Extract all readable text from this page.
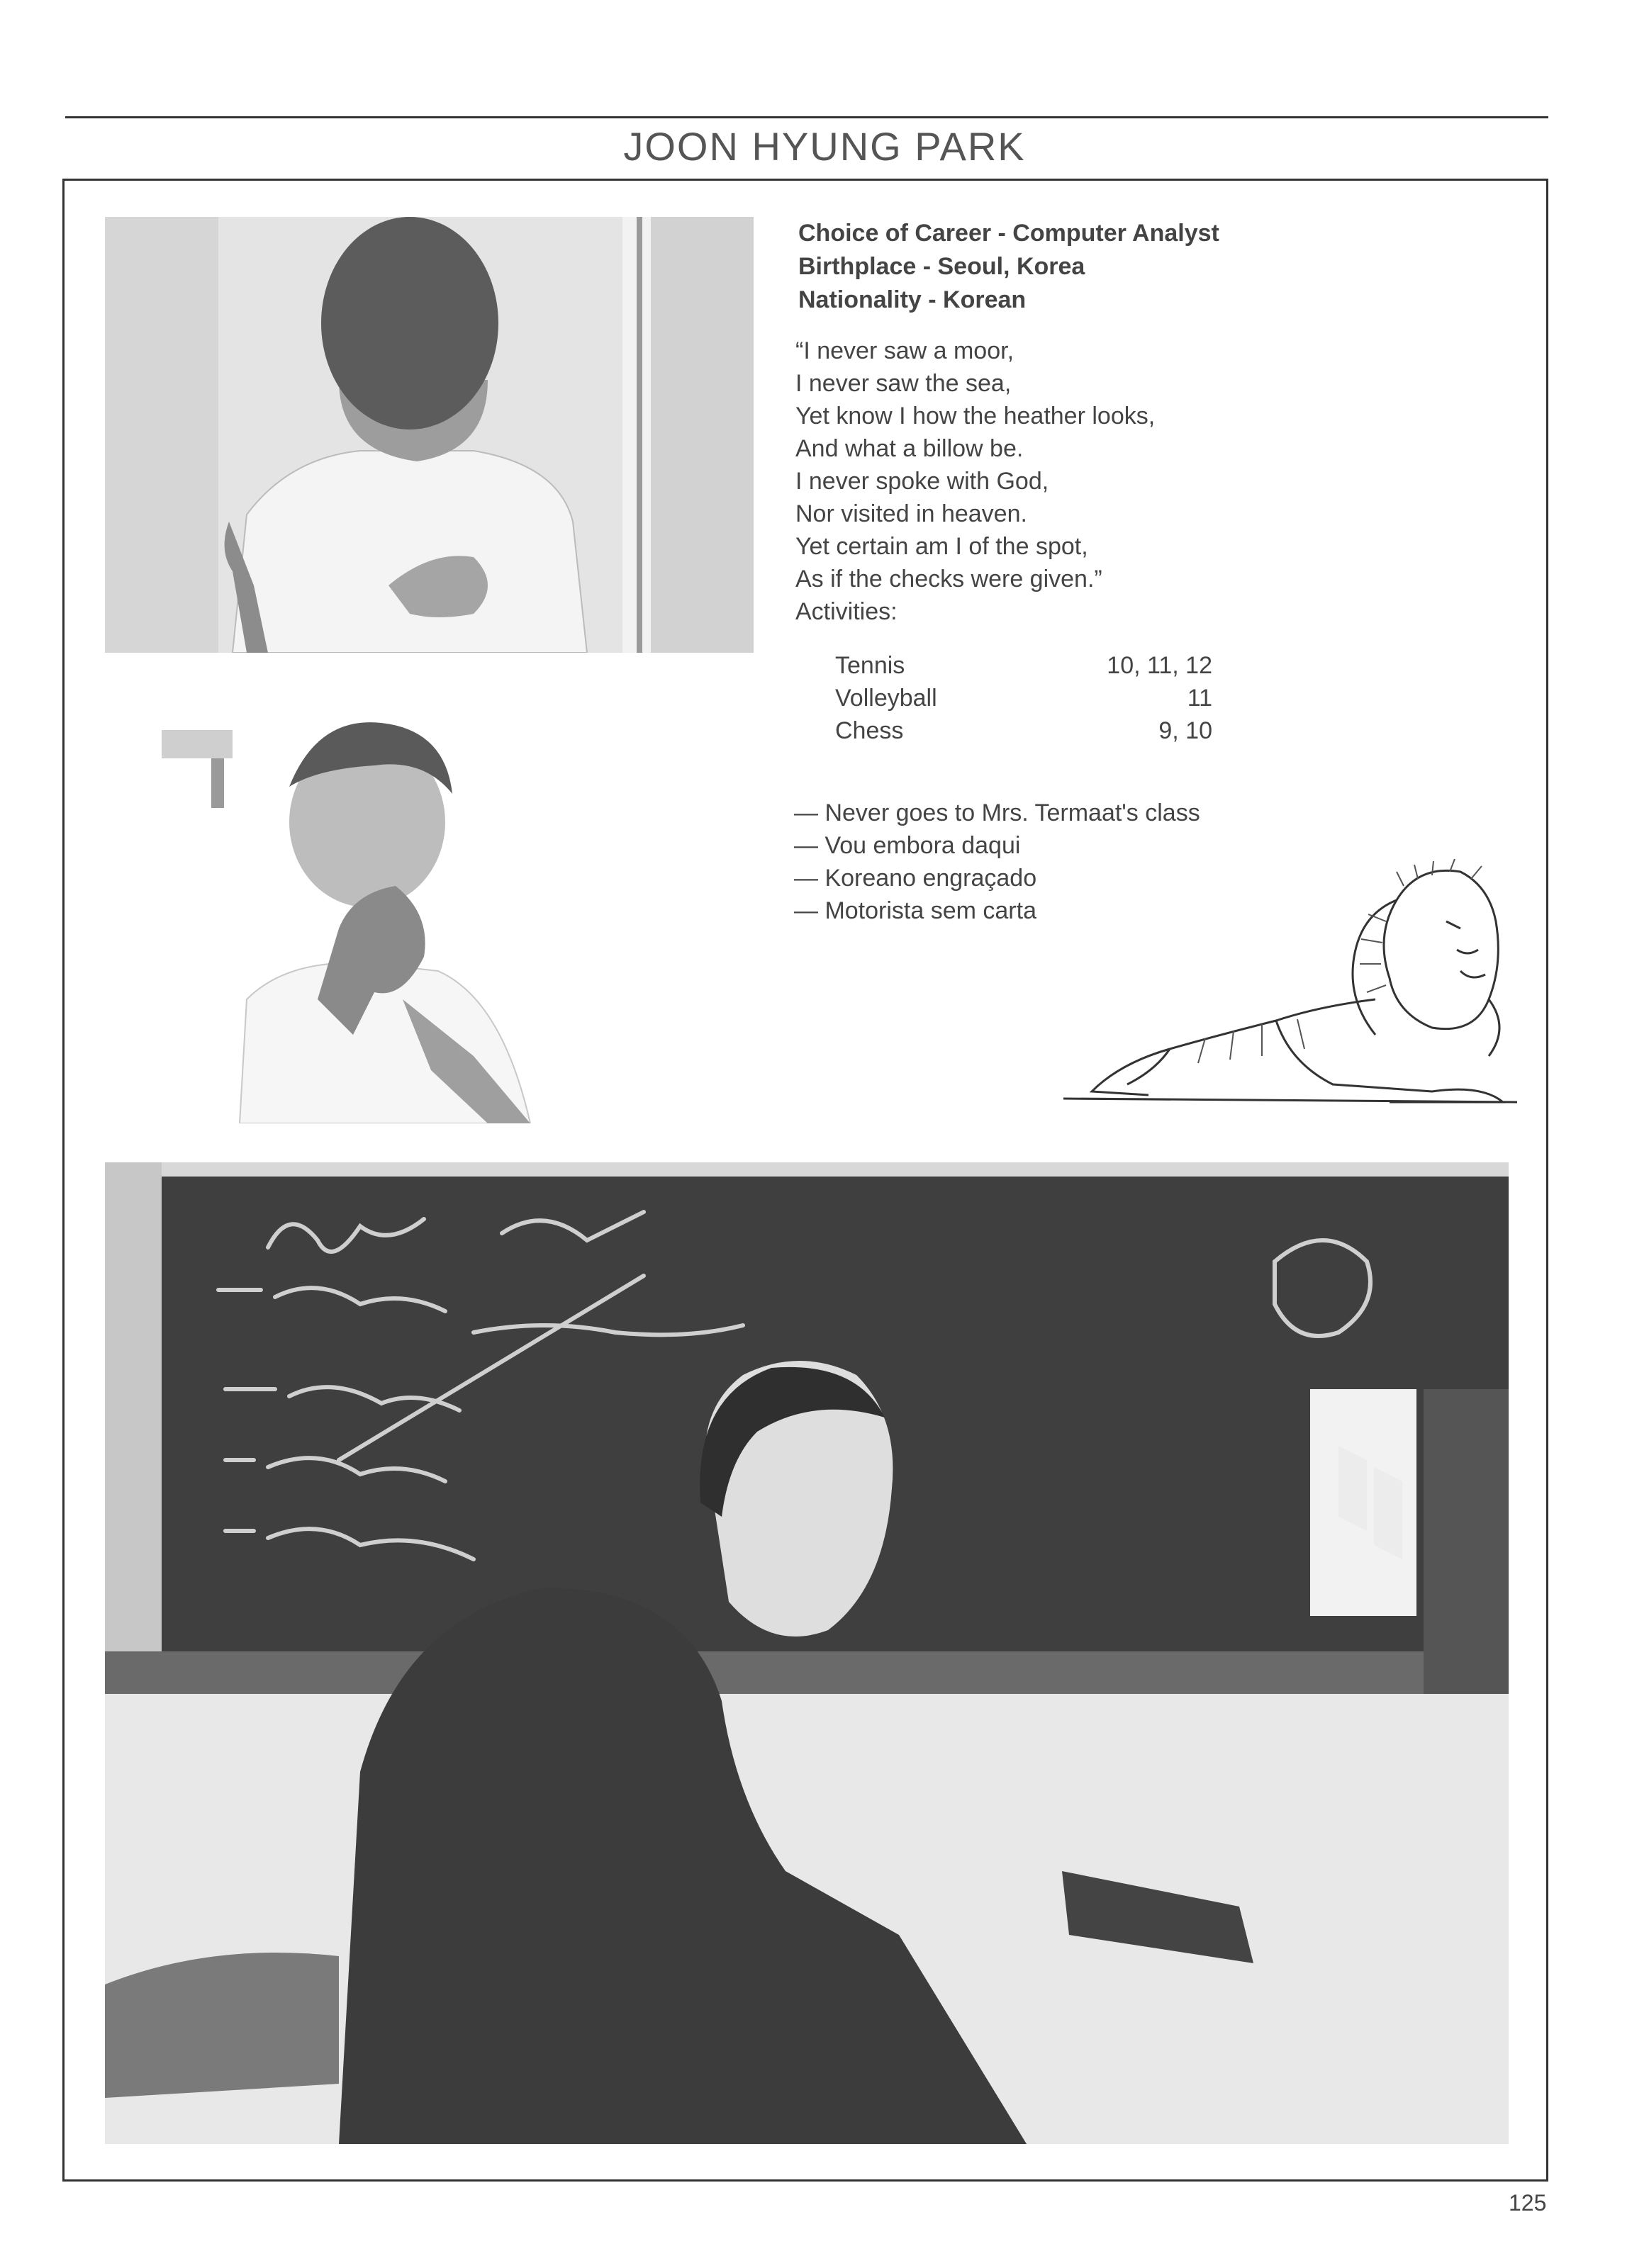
JOON HYUNG PARK
Choice of Career - Computer Analyst
Birthplace - Seoul, Korea
Nationality - Korean
“I never saw a moor,
I never saw the sea,
Yet know I how the heather looks,
And what a billow be.
I never spoke with God,
Nor visited in heaven.
Yet certain am I of the spot,
As if the checks were given.”
Activities:
Tennis	10, 11, 12
Volleyball	11
Chess	9, 10
— Never goes to Mrs. Termaat's class
— Vou embora daqui
— Koreano engraçado
— Motorista sem carta
125
